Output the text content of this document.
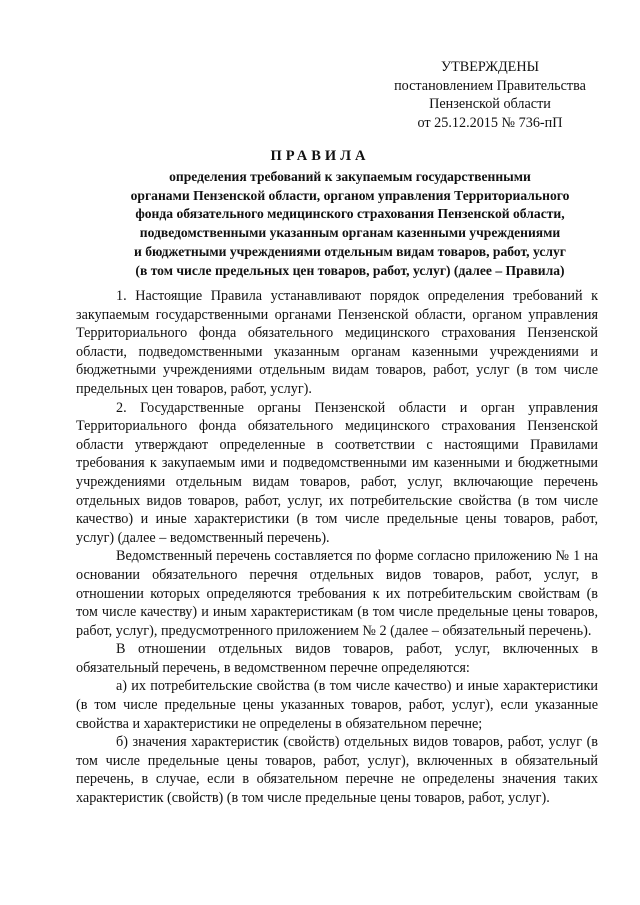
УТВЕРЖДЕНЫ
постановлением Правительства
Пензенской области
от 25.12.2015 № 736-пП
ПРАВИЛА
определения требований к закупаемым государственными
органами Пензенской области, органом управления Территориального
фонда обязательного медицинского страхования Пензенской области,
подведомственными указанным органам казенными учреждениями
и бюджетными учреждениями отдельным видам товаров, работ, услуг
(в том числе предельных цен товаров, работ, услуг) (далее – Правила)

1. Настоящие Правила устанавливают порядок определения требований к закупаемым государственными органами Пензенской области, органом управления Территориального фонда обязательного медицинского страхования Пензенской области, подведомственными указанным органам казенными учреждениями и бюджетными учреждениями отдельным видам товаров, работ, услуг (в том числе предельных цен товаров, работ, услуг).

2. Государственные органы Пензенской области и орган управления Территориального фонда обязательного медицинского страхования Пензенской области утверждают определенные в соответствии с настоящими Правилами требования к закупаемым ими и подведомственными им казенными и бюджетными учреждениями отдельным видам товаров, работ, услуг, включающие перечень отдельных видов товаров, работ, услуг, их потребительские свойства (в том числе качество) и иные характеристики (в том числе предельные цены товаров, работ, услуг) (далее – ведомственный перечень).

Ведомственный перечень составляется по форме согласно приложению № 1 на основании обязательного перечня отдельных видов товаров, работ, услуг, в отношении которых определяются требования к их потребительским свойствам (в том числе качеству) и иным характеристикам (в том числе предельные цены товаров, работ, услуг), предусмотренного приложением № 2 (далее – обязательный перечень).

В отношении отдельных видов товаров, работ, услуг, включенных в обязательный перечень, в ведомственном перечне определяются:

а) их потребительские свойства (в том числе качество) и иные характеристики (в том числе предельные цены указанных товаров, работ, услуг), если указанные свойства и характеристики не определены в обязательном перечне;

б) значения характеристик (свойств) отдельных видов товаров, работ, услуг (в том числе предельные цены товаров, работ, услуг), включенных в обязательный перечень, в случае, если в обязательном перечне не определены значения таких характеристик (свойств) (в том числе предельные цены товаров, работ, услуг).
